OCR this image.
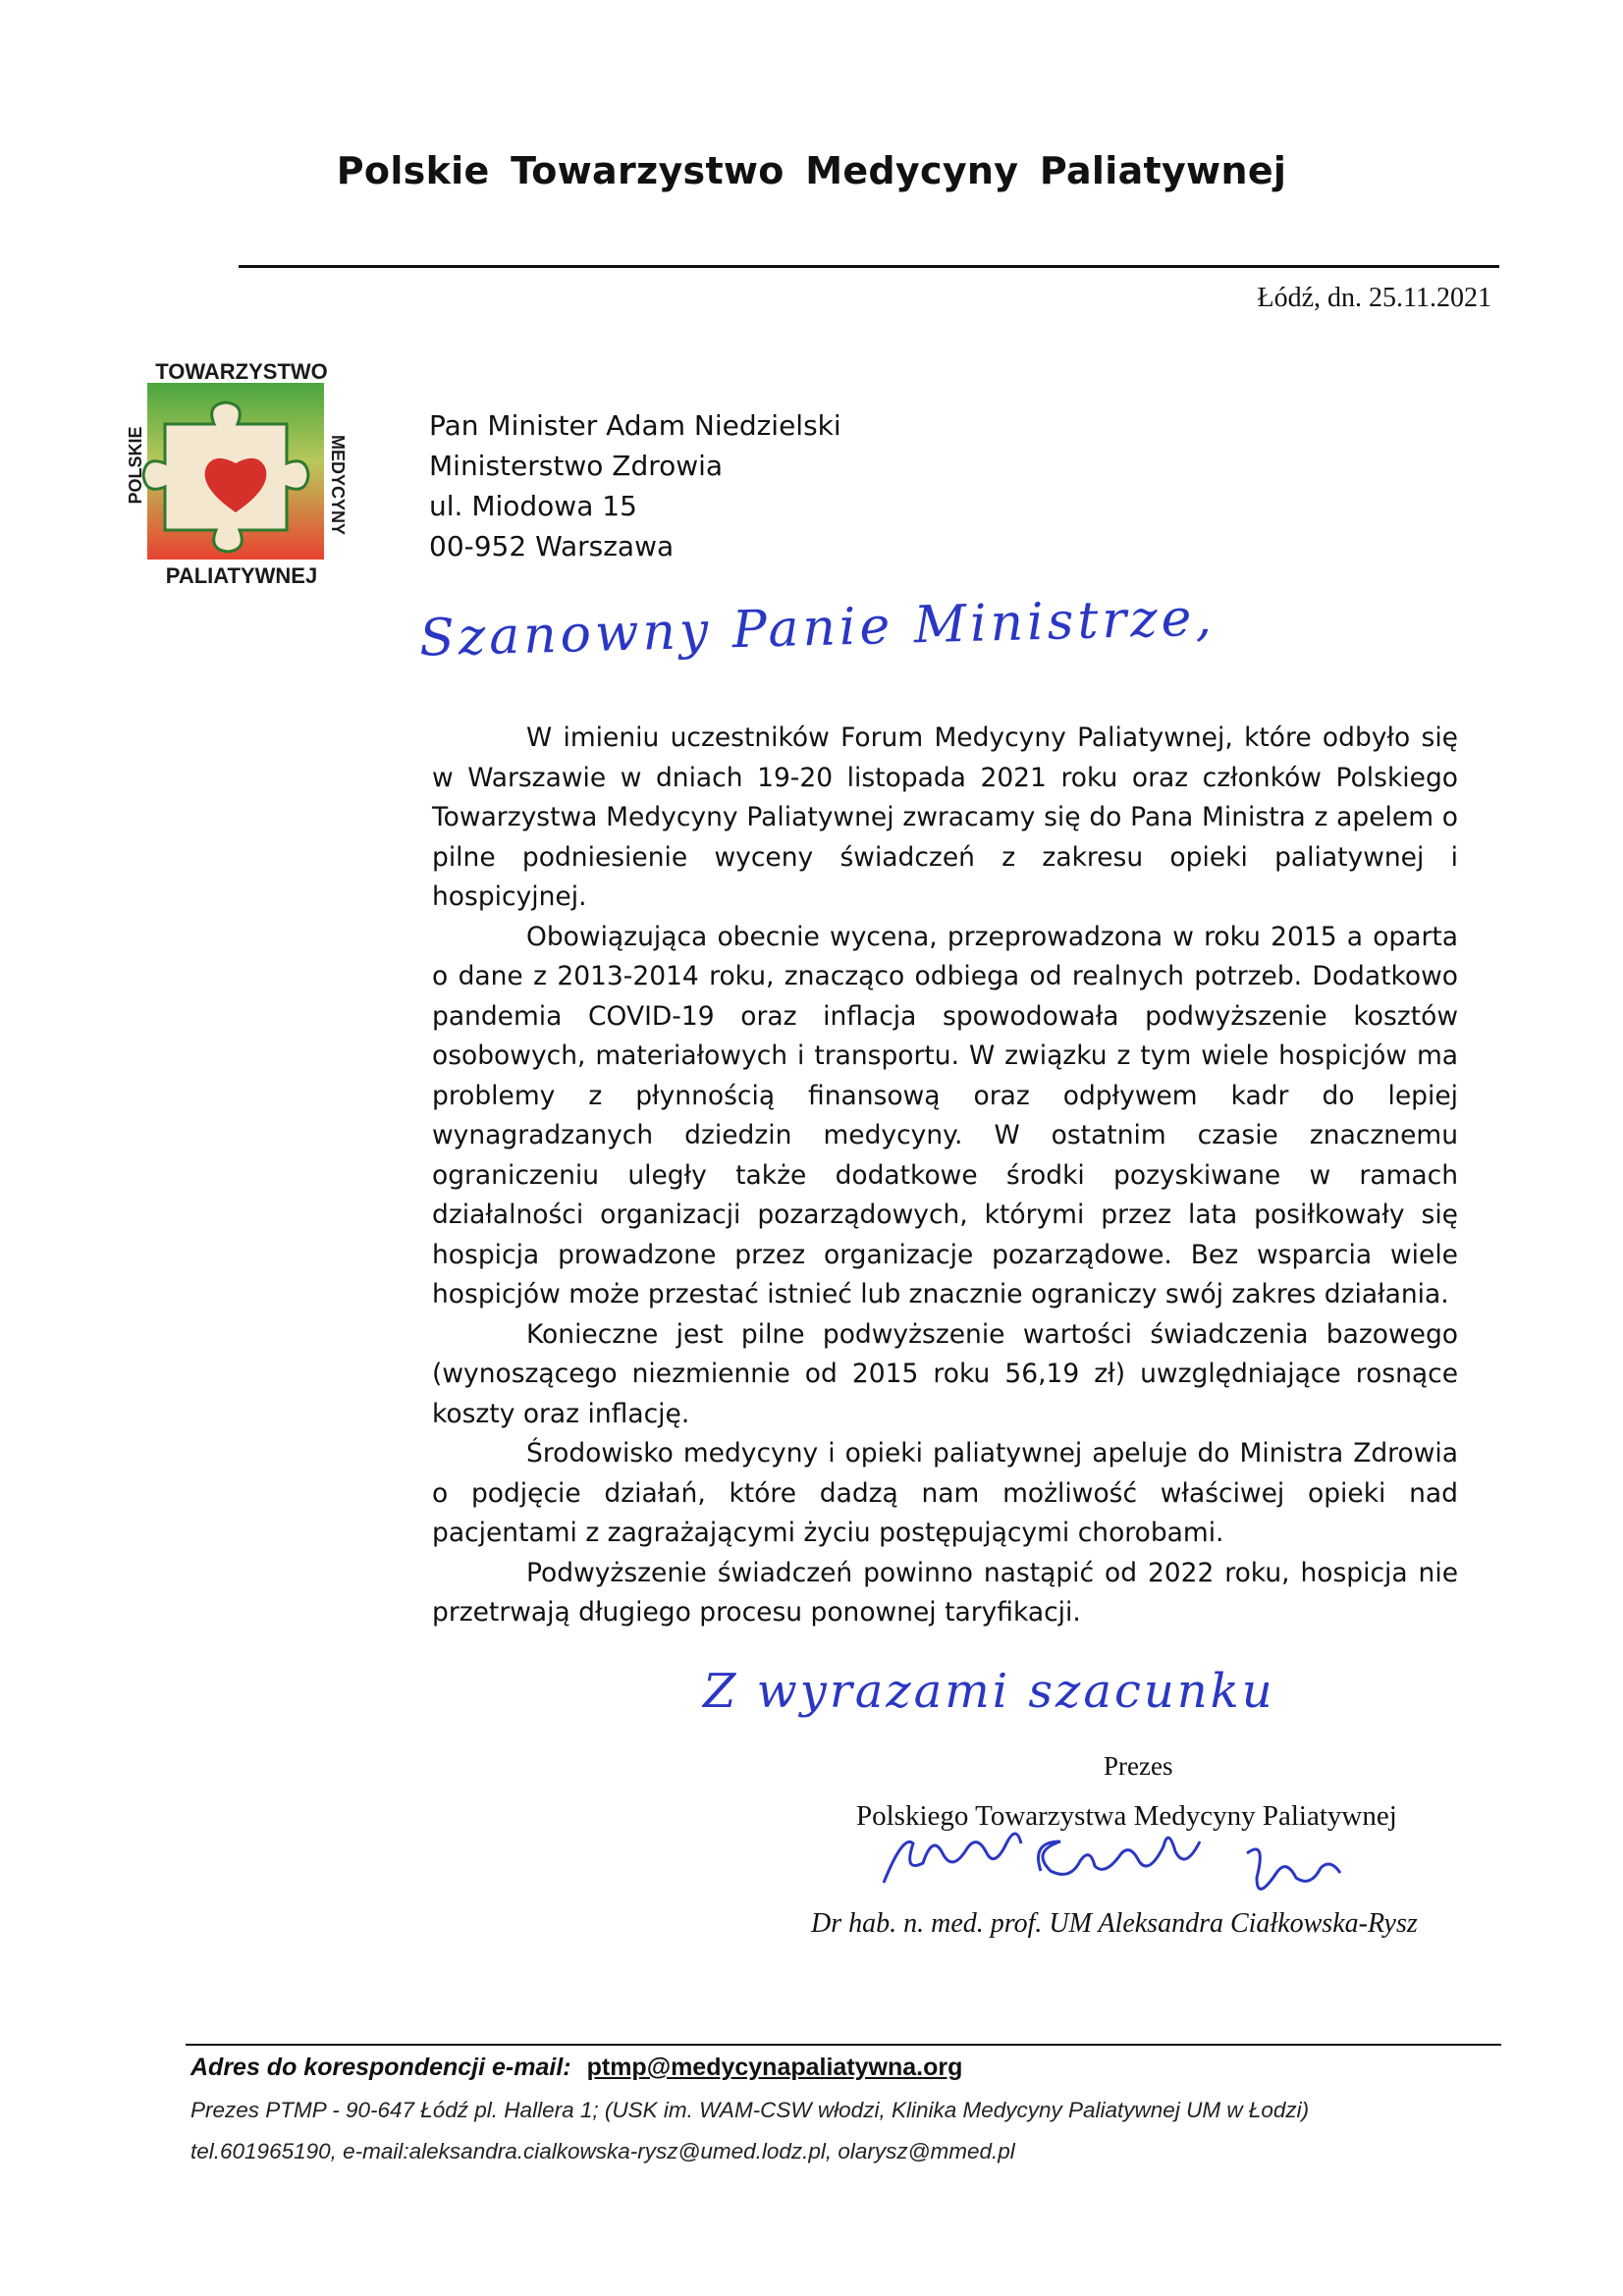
Polskie Towarzystwo Medycyny Paliatywnej
Łódź, dn. 25.11.2021
TOWARZYSTWO
PALIATYWNEJ
POLSKIE	MEDYCYNY
Pan Minister Adam Niedzielski
Ministerstwo Zdrowia
ul. Miodowa 15
00-952 Warszawa
Szanowny Panie Ministrze,

W imieniu uczestników Forum Medycyny Paliatywnej, które odbyło się w Warszawie w dniach 19-20 listopada 2021 roku oraz członków Polskiego Towarzystwa Medycyny Paliatywnej zwracamy się do Pana Ministra z apelem o pilne podniesienie wyceny świadczeń z zakresu opieki paliatywnej i hospicyjnej.

Obowiązująca obecnie wycena, przeprowadzona w roku 2015 a oparta o dane z 2013-2014 roku, znacząco odbiega od realnych potrzeb. Dodatkowo pandemia COVID-19 oraz inflacja spowodowała podwyższenie kosztów osobowych, materiałowych i transportu. W związku z tym wiele hospicjów ma problemy z płynnością finansową oraz odpływem kadr do lepiej wynagradzanych dziedzin medycyny. W ostatnim czasie znacznemu ograniczeniu uległy także dodatkowe środki pozyskiwane w ramach działalności organizacji pozarządowych, którymi przez lata posiłkowały się hospicja prowadzone przez organizacje pozarządowe. Bez wsparcia wiele hospicjów może przestać istnieć lub znacznie ograniczy swój zakres działania.

Konieczne jest pilne podwyższenie wartości świadczenia bazowego (wynoszącego niezmiennie od 2015 roku 56,19 zł) uwzględniające rosnące koszty oraz inflację.

Środowisko medycyny i opieki paliatywnej apeluje do Ministra Zdrowia o podjęcie działań, które dadzą nam możliwość właściwej opieki nad pacjentami z zagrażającymi życiu postępującymi chorobami.

Podwyższenie świadczeń powinno nastąpić od 2022 roku, hospicja nie przetrwają długiego procesu ponownej taryfikacji.

Z wyrazami szacunku
Prezes
Polskiego Towarzystwa Medycyny Paliatywnej
Dr hab. n. med. prof. UM Aleksandra Ciałkowska-Rysz
Adres do korespondencji e-mail: ptmp@medycynapaliatywna.org
Prezes PTMP - 90-647 Łódź pl. Hallera 1; (USK im. WAM-CSW włodzi, Klinika Medycyny Paliatywnej UM w Łodzi)
tel.601965190, e-mail:aleksandra.cialkowska-rysz@umed.lodz.pl, olarysz@mmed.pl
